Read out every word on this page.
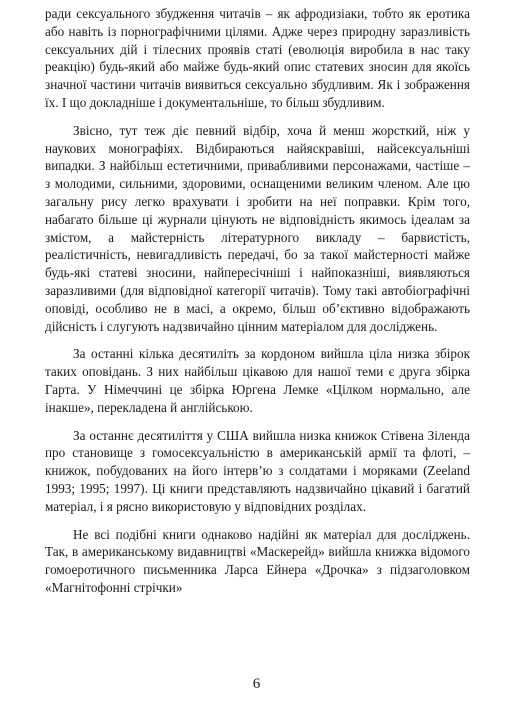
ради сексуального збудження читачів – як афродизіаки, тобто як еротика або навіть із порнографічними цілями. Адже через природну заразливість сексуальних дій і тілесних проявів статі (еволюція виробила в нас таку реакцію) будь-який або майже будь-який опис статевих зносин для якоїсь значної частини читачів виявиться сексуально збудливим. Як і зображення їх. І що докладніше і документальніше, то більш збудливим.

Звісно, тут теж діє певний відбір, хоча й менш жорсткий, ніж у наукових монографіях. Відбираються найяскравіші, найсексуальніші випадки. З найбільш естетичними, привабливими персонажами, частіше – з молодими, сильними, здоровими, оснащеними великим членом. Але цю загальну рису легко врахувати і зробити на неї поправки. Крім того, набагато більше ці журнали цінують не відповідність якимось ідеалам за змістом, а майстерність літературного викладу – барвистість, реалістичність, невигадливість передачі, бо за такої майстерності майже будь-які статеві зносини, найпересічніші і найпоказніші, виявляються заразливими (для відповідної категорії читачів). Тому такі автобіографічні оповіді, особливо не в масі, а окремо, більш об’єктивно відображають дійсність і слугують надзвичайно цінним матеріалом для досліджень.

За останні кілька десятиліть за кордоном вийшла ціла низка збірок таких оповідань. З них найбільш цікавою для нашої теми є друга збірка Гарта. У Німеччині це збірка Юргена Лемке «Цілком нормально, але інакше», перекладена й англійською.

За останнє десятиліття у США вийшла низка книжок Стівена Зіленда про становище з гомосексуальністю в американській армії та флоті, – книжок, побудованих на його інтерв’ю з солдатами і моряками (Zeeland 1993; 1995; 1997). Ці книги представляють надзвичайно цікавий і багатий матеріал, і я рясно використовую у відповідних розділах.

Не всі подібні книги однаково надійні як матеріал для досліджень. Так, в американському видавництві «Маскерейд» вийшла книжка відомого гомоеротичного письменника Ларса Ейнера «Дрочка» з підзаголовком «Магнітофонні стрічки»

6
